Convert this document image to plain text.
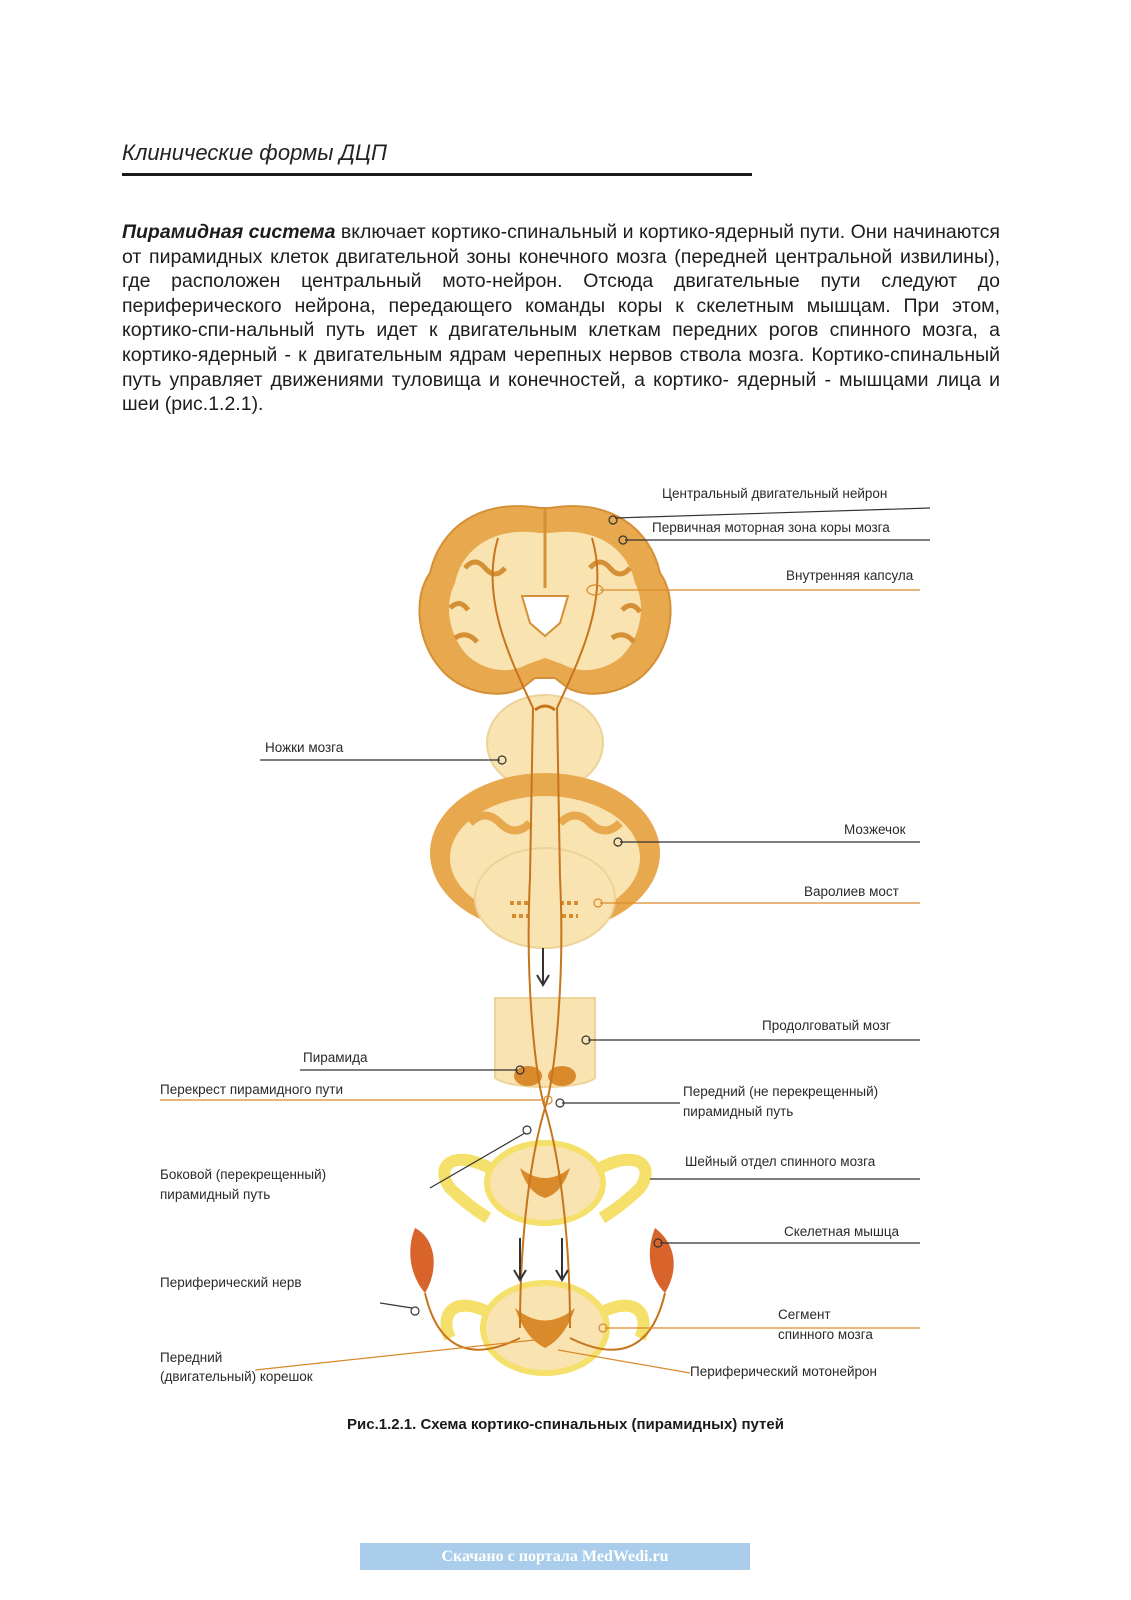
Клинические формы ДЦП
Пирамидная система включает кортико-спинальный и кортико-ядерный пути. Они начинаются от пирамидных клеток двигательной зоны конечного мозга (передней центральной извилины), где расположен центральный мото-нейрон. Отсюда двигательные пути следуют до периферического нейрона, передающего команды коры к скелетным мышцам. При этом, кортико-спи-нальный путь идет к двигательным клеткам передних рогов спинного мозга, а кортико-ядерный - к двигательным ядрам черепных нервов ствола мозга. Кортико-спинальный путь управляет движениями туловища и конечностей, а кортико- ядерный - мышцами лица и шеи (рис.1.2.1).
Центральный двигательный нейрон
Первичная моторная зона коры мозга
Внутренняя капсула
Ножки мозга
Мозжечок
Варолиев мост
Продолговатый мозг
Пирамида
Перекрест пирамидного пути	Передний (не перекрещенный)
пирамидный путь
Боковой (перекрещенный)
пирамидный путь
Шейный отдел спинного мозга
Скелетная мышца
Периферический нерв
Сегмент
спинного мозга
Передний
(двигательный) корешок	Периферический мотонейрон
Рис.1.2.1. Схема кортико-спинальных (пирамидных) путей
Скачано с портала MedWedi.ru
